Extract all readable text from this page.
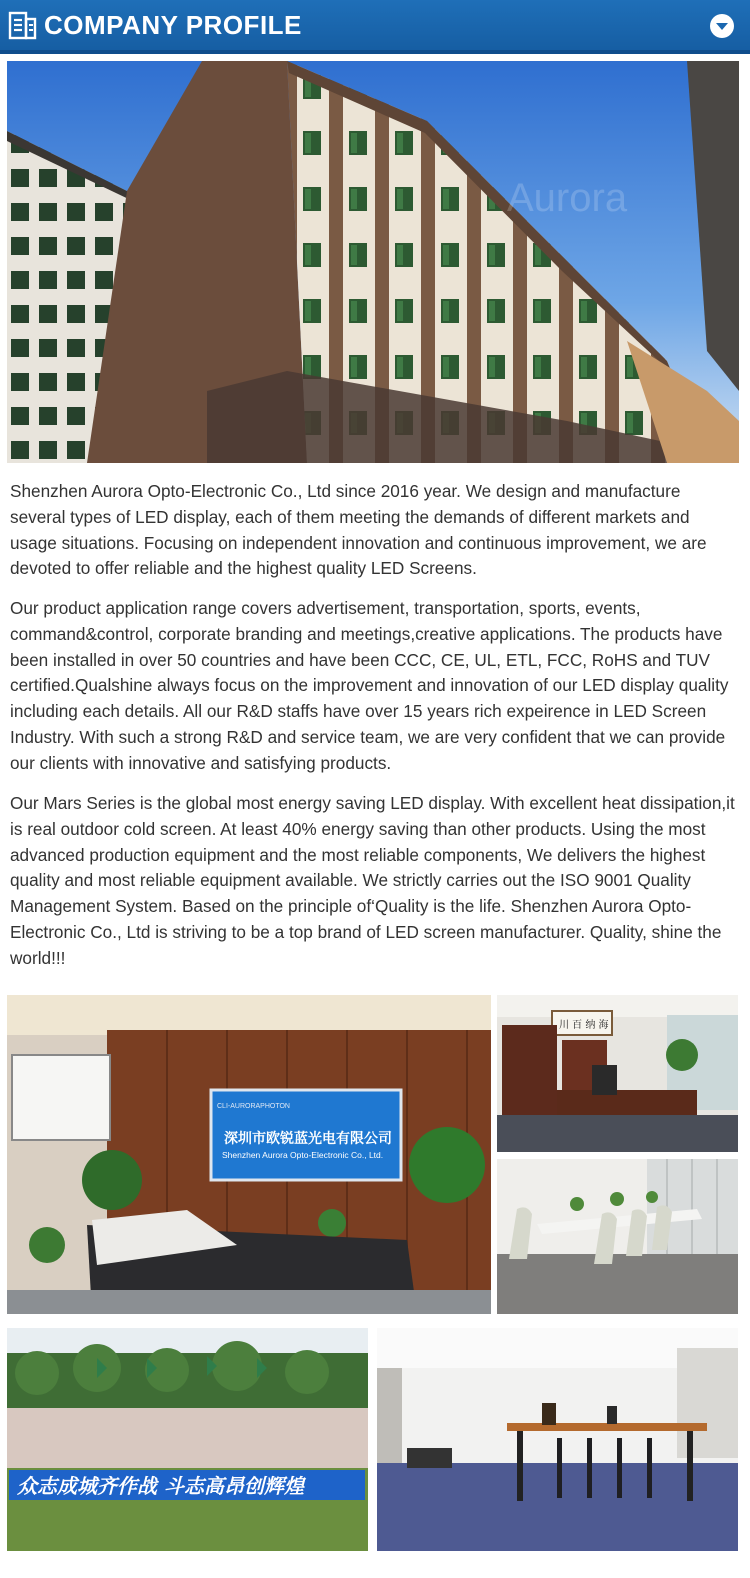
COMPANY PROFILE
Aurora

Shenzhen Aurora Opto-Electronic Co., Ltd since 2016 year. We design and manufacture several types of LED display, each of them meeting the demands of different markets and usage situations. Focusing on independent innovation and continuous improvement, we are devoted to offer reliable and the highest quality LED Screens.

Our product application range covers advertisement, transportation, sports, events, command&control, corporate branding and meetings,creative applications. The products have been installed in over 50 countries and have been CCC, CE, UL, ETL, FCC, RoHS and TUV certified.Qualshine always focus on the improvement and innovation of our LED display quality including each details. All our R&D staffs have over 15 years rich expeirence in LED Screen Industry. With such a strong R&D and service team, we are very confident that we can provide our clients with innovative and satisfying products.

Our Mars Series is the global most energy saving LED display. With excellent heat dissipation,it is real outdoor cold screen. At least 40% energy saving than other products. Using the most advanced production equipment and the most reliable components, We delivers the highest quality and most reliable equipment available. We strictly carries out the ISO 9001 Quality Management System. Based on the principle of‘Quality is the life. Shenzhen Aurora Opto-Electronic Co., Ltd is striving to be a top brand of LED screen manufacturer. Quality, shine the world!!!

CLI-AURORAPHOTON
深圳市欧锐蓝光电有限公司
Shenzhen Aurora Opto-Electronic Co., Ltd.
川 百 纳 海
众志成城齐作战 斗志高昂创辉煌
